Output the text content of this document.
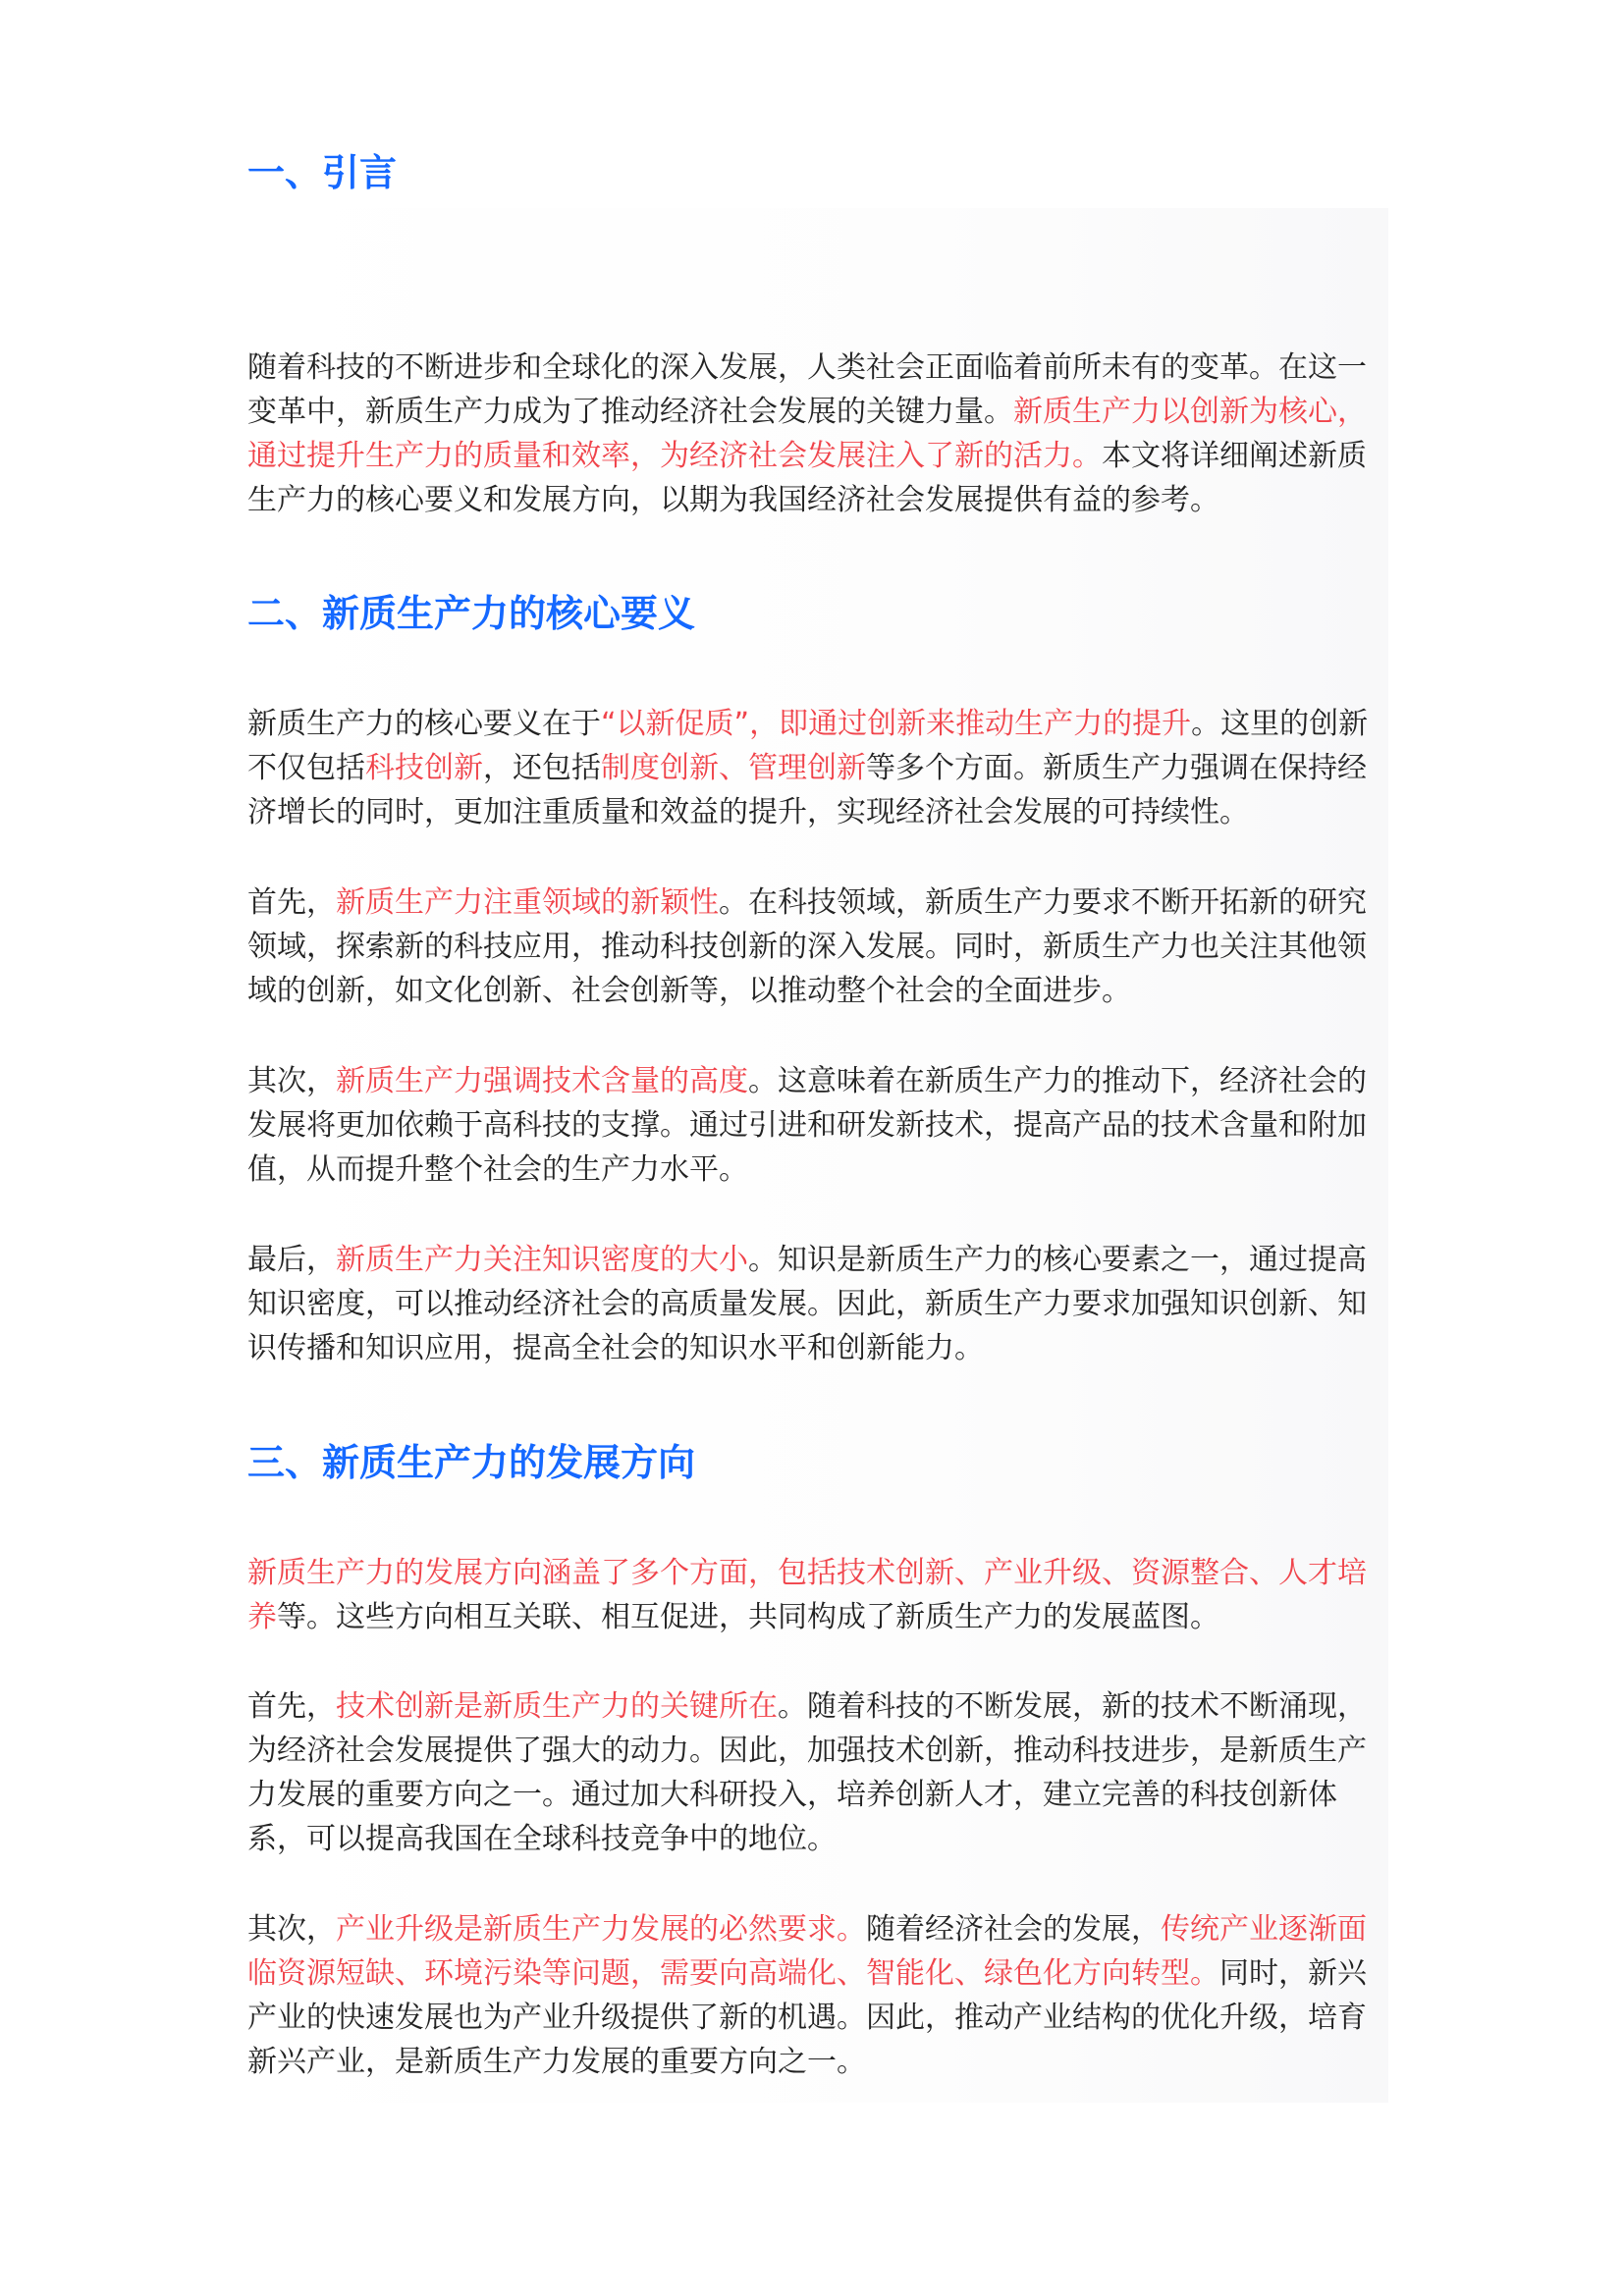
一、引言

随着科技的不断进步和全球化的深入发展，人类社会正面临着前所未有的变革。在这一变革中，新质生产力成为了推动经济社会发展的关键力量。新质生产力以创新为核心，通过提升生产力的质量和效率，为经济社会发展注入了新的活力。本文将详细阐述新质生产力的核心要义和发展方向，以期为我国经济社会发展提供有益的参考。

二、新质生产力的核心要义

新质生产力的核心要义在于“以新促质”，即通过创新来推动生产力的提升。这里的创新不仅包括科技创新，还包括制度创新、管理创新等多个方面。新质生产力强调在保持经济增长的同时，更加注重质量和效益的提升，实现经济社会发展的可持续性。

首先，新质生产力注重领域的新颖性。在科技领域，新质生产力要求不断开拓新的研究领域，探索新的科技应用，推动科技创新的深入发展。同时，新质生产力也关注其他领域的创新，如文化创新、社会创新等，以推动整个社会的全面进步。

其次，新质生产力强调技术含量的高度。这意味着在新质生产力的推动下，经济社会的发展将更加依赖于高科技的支撑。通过引进和研发新技术，提高产品的技术含量和附加值，从而提升整个社会的生产力水平。

最后，新质生产力关注知识密度的大小。知识是新质生产力的核心要素之一，通过提高知识密度，可以推动经济社会的高质量发展。因此，新质生产力要求加强知识创新、知识传播和知识应用，提高全社会的知识水平和创新能力。

三、新质生产力的发展方向

新质生产力的发展方向涵盖了多个方面，包括技术创新、产业升级、资源整合、人才培养等。这些方向相互关联、相互促进，共同构成了新质生产力的发展蓝图。

首先，技术创新是新质生产力的关键所在。随着科技的不断发展，新的技术不断涌现，为经济社会发展提供了强大的动力。因此，加强技术创新，推动科技进步，是新质生产力发展的重要方向之一。通过加大科研投入，培养创新人才，建立完善的科技创新体系，可以提高我国在全球科技竞争中的地位。

其次，产业升级是新质生产力发展的必然要求。随着经济社会的发展，传统产业逐渐面临资源短缺、环境污染等问题，需要向高端化、智能化、绿色化方向转型。同时，新兴产业的快速发展也为产业升级提供了新的机遇。因此，推动产业结构的优化升级，培育新兴产业，是新质生产力发展的重要方向之一。
